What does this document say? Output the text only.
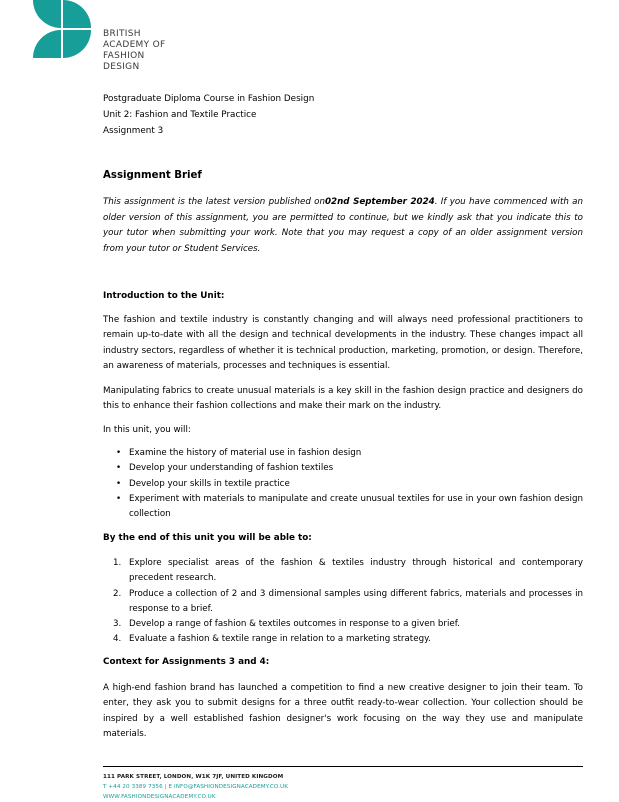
BRITISH
ACADEMY OF
FASHION
DESIGN
Postgraduate Diploma Course in Fashion Design
Unit 2: Fashion and Textile Practice
Assignment 3
Assignment Brief
This assignment is the latest version published on02nd September 2024. If you have commenced with an older version of this assignment, you are permitted to continue, but we kindly ask that you indicate this to your tutor when submitting your work. Note that you may request a copy of an older assignment version from your tutor or Student Services.
Introduction to the Unit:
The fashion and textile industry is constantly changing and will always need professional practitioners to remain up-to-date with all the design and technical developments in the industry. These changes impact all industry sectors, regardless of whether it is technical production, marketing, promotion, or design. Therefore, an awareness of materials, processes and techniques is essential.
Manipulating fabrics to create unusual materials is a key skill in the fashion design practice and designers do this to enhance their fashion collections and make their mark on the industry.
In this unit, you will:
• Examine the history of material use in fashion design
• Develop your understanding of fashion textiles
• Develop your skills in textile practice
• Experiment with materials to manipulate and create unusual textiles for use in your own fashion design collection
By the end of this unit you will be able to:
1. Explore specialist areas of the fashion & textiles industry through historical and contemporary precedent research.
2. Produce a collection of 2 and 3 dimensional samples using different fabrics, materials and processes in response to a brief.
3. Develop a range of fashion & textiles outcomes in response to a given brief.
4. Evaluate a fashion & textile range in relation to a marketing strategy.
Context for Assignments 3 and 4:
A high-end fashion brand has launched a competition to find a new creative designer to join their team. To enter, they ask you to submit designs for a three outfit ready-to-wear collection. Your collection should be inspired by a well established fashion designer's work focusing on the way they use and manipulate materials.
111 PARK STREET, LONDON, W1K 7JF, UNITED KINGDOM
T +44 20 3389 7356 | E INFO@FASHIONDESIGNACADEMY.CO.UK
WWW.FASHIONDESIGNACADEMY.CO.UK
